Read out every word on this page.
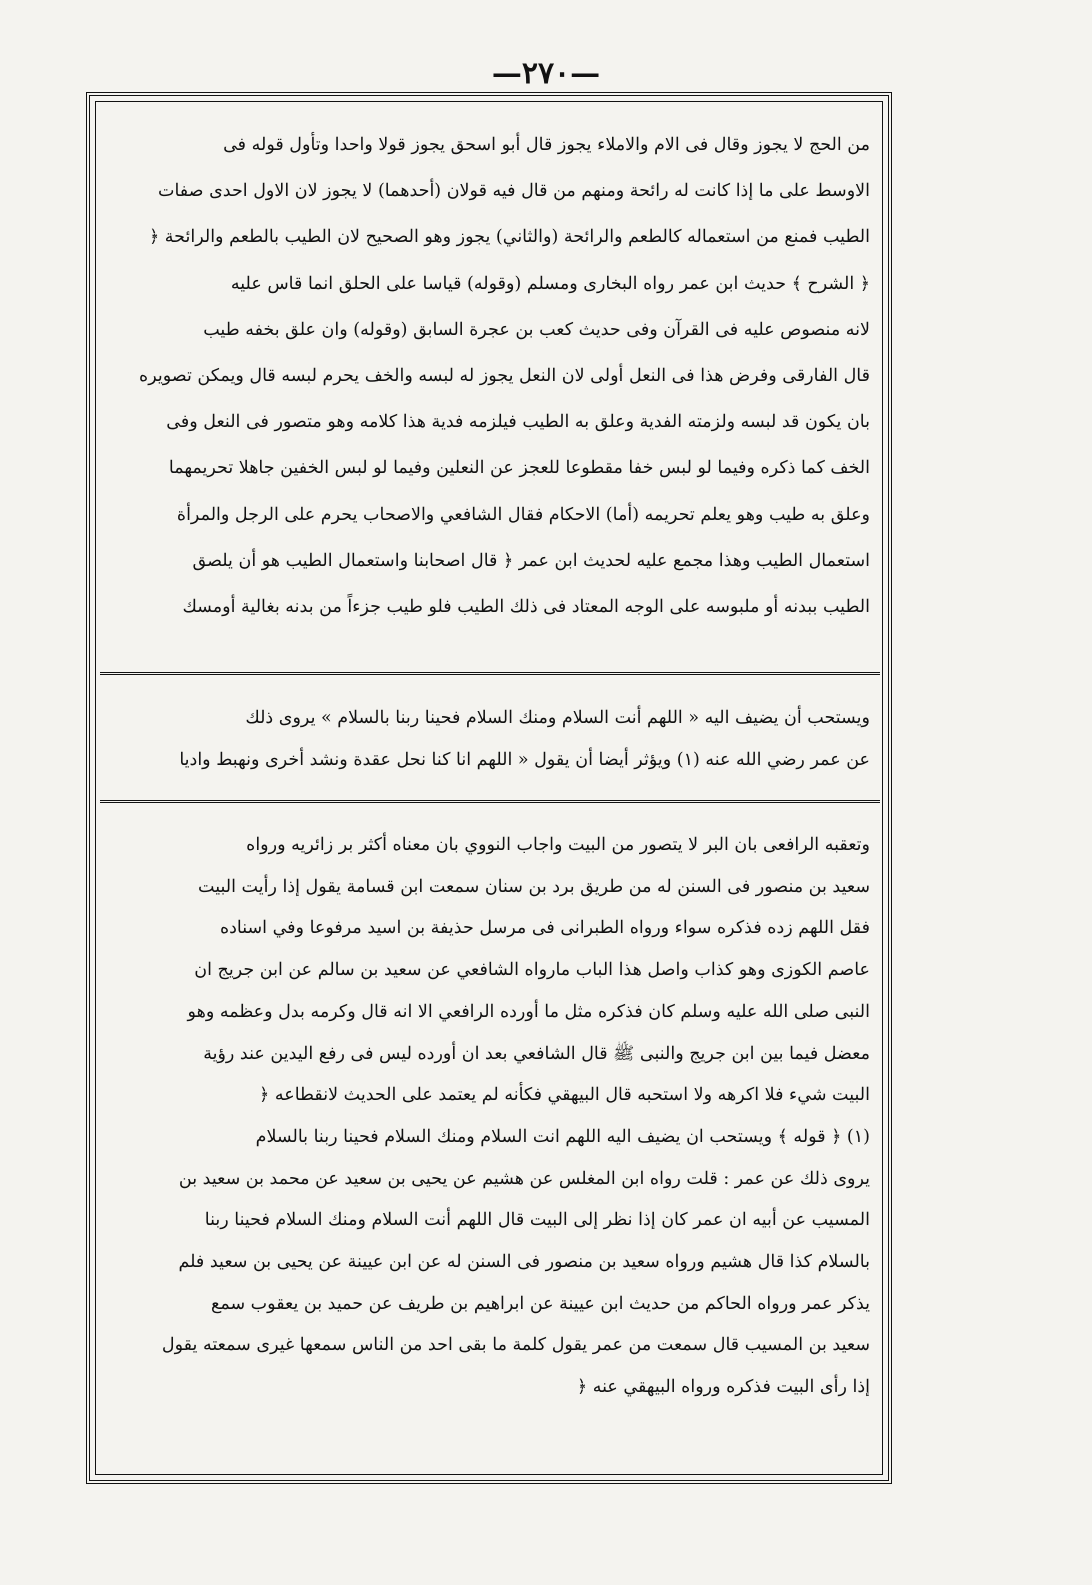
—٢٧٠—

من الحج لا يجوز وقال فى الام والاملاء يجوز قال أبو اسحق يجوز قولا واحدا وتأول قوله فى

الاوسط على ما إذا كانت له رائحة ومنهم من قال فيه قولان (أحدهما) لا يجوز لان الاول احدى صفات

الطيب فمنع من استعماله كالطعم والرائحة (والثاني) يجوز وهو الصحيح لان الطيب بالطعم والرائحة ﴿

﴿ الشرح ﴾ حديث ابن عمر رواه البخارى ومسلم (وقوله) قياسا على الحلق انما قاس عليه

لانه منصوص عليه فى القرآن وفى حديث كعب بن عجرة السابق (وقوله) وان علق بخفه طيب

قال الفارقى وفرض هذا فى النعل أولى لان النعل يجوز له لبسه والخف يحرم لبسه قال ويمكن تصويره

بان يكون قد لبسه ولزمته الفدية وعلق به الطيب فيلزمه فدية هذا كلامه وهو متصور فى النعل وفى

الخف كما ذكره وفيما لو لبس خفا مقطوعا للعجز عن النعلين وفيما لو لبس الخفين جاهلا تحريمهما

وعلق به طيب وهو يعلم تحريمه (أما) الاحكام فقال الشافعي والاصحاب يحرم على الرجل والمرأة

استعمال الطيب وهذا مجمع عليه لحديث ابن عمر ﴿ قال اصحابنا واستعمال الطيب هو أن يلصق

الطيب ببدنه أو ملبوسه على الوجه المعتاد فى ذلك الطيب فلو طيب جزءاً من بدنه بغالية أومسك

ويستحب أن يضيف اليه « اللهم أنت السلام ومنك السلام فحينا ربنا بالسلام » يروى ذلك

عن عمر رضي الله عنه (١) ويؤثر أيضا أن يقول « اللهم انا كنا نحل عقدة ونشد أخرى ونهبط واديا

وتعقبه الرافعى بان البر لا يتصور من البيت واجاب النووي بان معناه أكثر بر زائريه ورواه

سعيد بن منصور فى السنن له من طريق برد بن سنان سمعت ابن قسامة يقول إذا رأيت البيت

فقل اللهم زده فذكره سواء ورواه الطبرانى فى مرسل حذيفة بن اسيد مرفوعا وفي اسناده

عاصم الكوزى وهو كذاب واصل هذا الباب مارواه الشافعي عن سعيد بن سالم عن ابن جريج ان

النبى صلى الله عليه وسلم كان فذكره مثل ما أورده الرافعي الا انه قال وكرمه بدل وعظمه وهو

معضل فيما بين ابن جريج والنبى ﷺ قال الشافعي بعد ان أورده ليس فى رفع اليدين عند رؤية

البيت شيء فلا اكرهه ولا استحبه قال البيهقي فكأنه لم يعتمد على الحديث لانقطاعه ﴿

(١) ﴿ قوله ﴾ ويستحب ان يضيف اليه اللهم انت السلام ومنك السلام فحينا ربنا بالسلام

يروى ذلك عن عمر : قلت رواه ابن المغلس عن هشيم عن يحيى بن سعيد عن محمد بن سعيد بن

المسيب عن أبيه ان عمر كان إذا نظر إلى البيت قال اللهم أنت السلام ومنك السلام فحينا ربنا

بالسلام كذا قال هشيم ورواه سعيد بن منصور فى السنن له عن ابن عيينة عن يحيى بن سعيد فلم

يذكر عمر ورواه الحاكم من حديث ابن عيينة عن ابراهيم بن طريف عن حميد بن يعقوب سمع

سعيد بن المسيب قال سمعت من عمر يقول كلمة ما بقى احد من الناس سمعها غيرى سمعته يقول

إذا رأى البيت فذكره ورواه البيهقي عنه ﴿
